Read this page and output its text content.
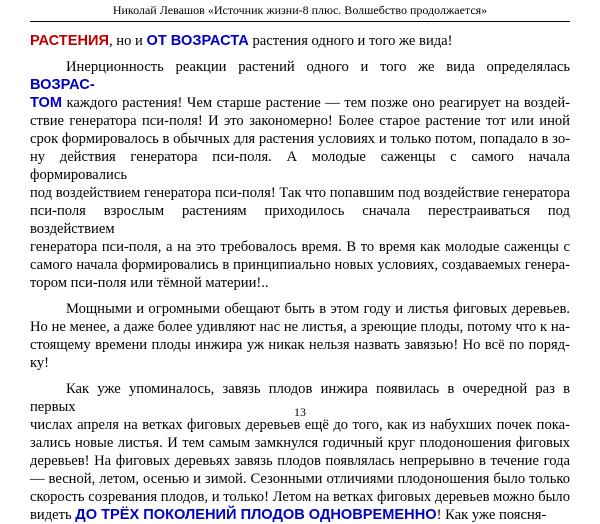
Николай Левашов «Источник жизни-8 плюс. Волшебство продолжается»

РАСТЕНИЯ, но и ОТ ВОЗРАСТА растения одного и того же вида!

Инерционность реакции растений одного и того же вида определялась ВОЗРАС-
ТОМ каждого растения! Чем старше растение — тем позже оно реагирует на воздей-
ствие генератора пси-поля! И это закономерно! Более старое растение тот или иной
срок формировалось в обычных для растения условиях и только потом, попадало в зо-
ну действия генератора пси-поля. А молодые саженцы с самого начала формировались
под воздействием генератора пси-поля! Так что попавшим под воздействие генератора
пси-поля взрослым растениям приходилось сначала перестраиваться под воздействием
генератора пси-поля, а на это требовалось время. В то время как молодые саженцы с
самого начала формировались в принципиально новых условиях, создаваемых генера-
тором пси-поля или тёмной материи!..

Мощными и огромными обещают быть в этом году и листья фиговых деревьев.
Но не менее, а даже более удивляют нас не листья, а зреющие плоды, потому что к на-
стоящему времени плоды инжира уж никак нельзя назвать завязью! Но всё по поряд-
ку!

Как уже упоминалось, завязь плодов инжира появилась в очередной раз в первых
числах апреля на ветках фиговых деревьев ещё до того, как из набухших почек пока-
зались новые листья. И тем самым замкнулся годичный круг плодоношения фиговых
деревьев! На фиговых деревьях завязь плодов появлялась непрерывно в течение года
— весной, летом, осенью и зимой. Сезонными отличиями плодоношения было только
скорость созревания плодов, и только! Летом на ветках фиговых деревьев можно было
видеть ДО ТРЁХ ПОКОЛЕНИЙ ПЛОДОВ ОДНОВРЕМЕННО! Как уже поясня-

13
